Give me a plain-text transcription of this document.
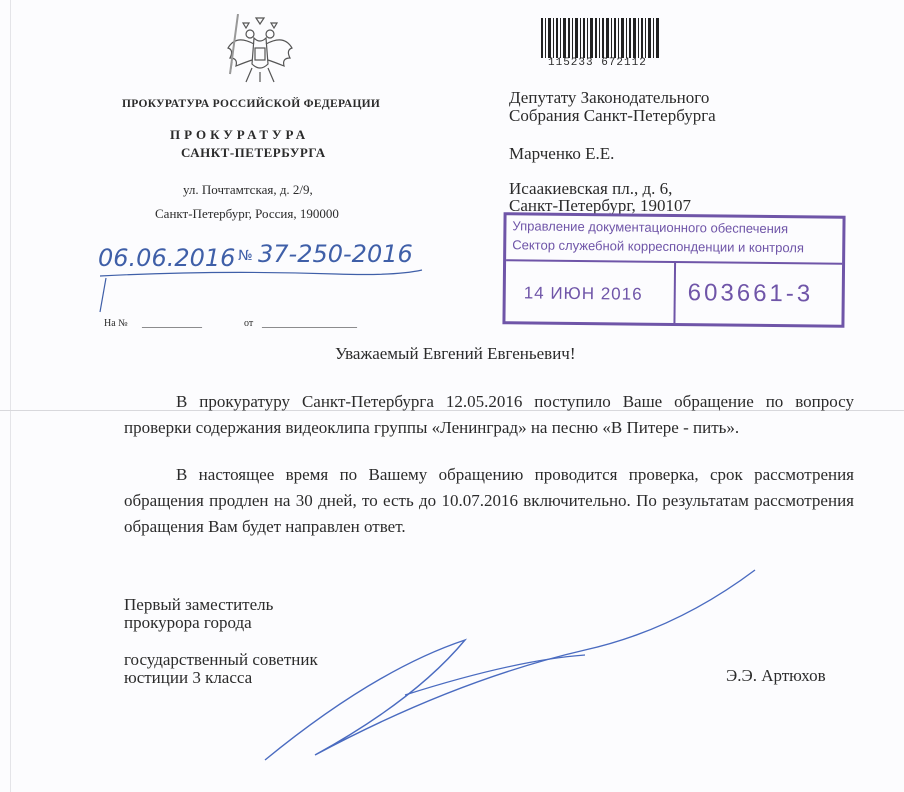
ПРОКУРАТУРА РОССИЙСКОЙ ФЕДЕРАЦИИ
ПРОКУРАТУРА
САНКТ-ПЕТЕРБУРГА
ул. Почтамтская, д. 2/9,
Санкт-Петербург, Россия, 190000
06.06.2016 № 37-250-2016
На № ____________	от ___________________
115233 672112
Депутату Законодательного
Собрания Санкт-Петербурга
Марченко Е.Е.
Исаакиевская пл., д. 6,
Санкт-Петербург, 190107
Управление документационного обеспечения
Сектор служебной корреспонденции и контроля
14 ИЮН 2016 603661-3
Уважаемый Евгений Евгеньевич!
В прокуратуру Санкт-Петербурга 12.05.2016 поступило Ваше обращение по вопросу проверки содержания видеоклипа группы «Ленинград» на песню «В Питере - пить».
В настоящее время по Вашему обращению проводится проверка, срок рассмотрения обращения продлен на 30 дней, то есть до 10.07.2016 включительно. По результатам рассмотрения обращения Вам будет направлен ответ.
Первый заместитель
прокурора города
государственный советник
юстиции 3 класса	Э.Э. Артюхов
